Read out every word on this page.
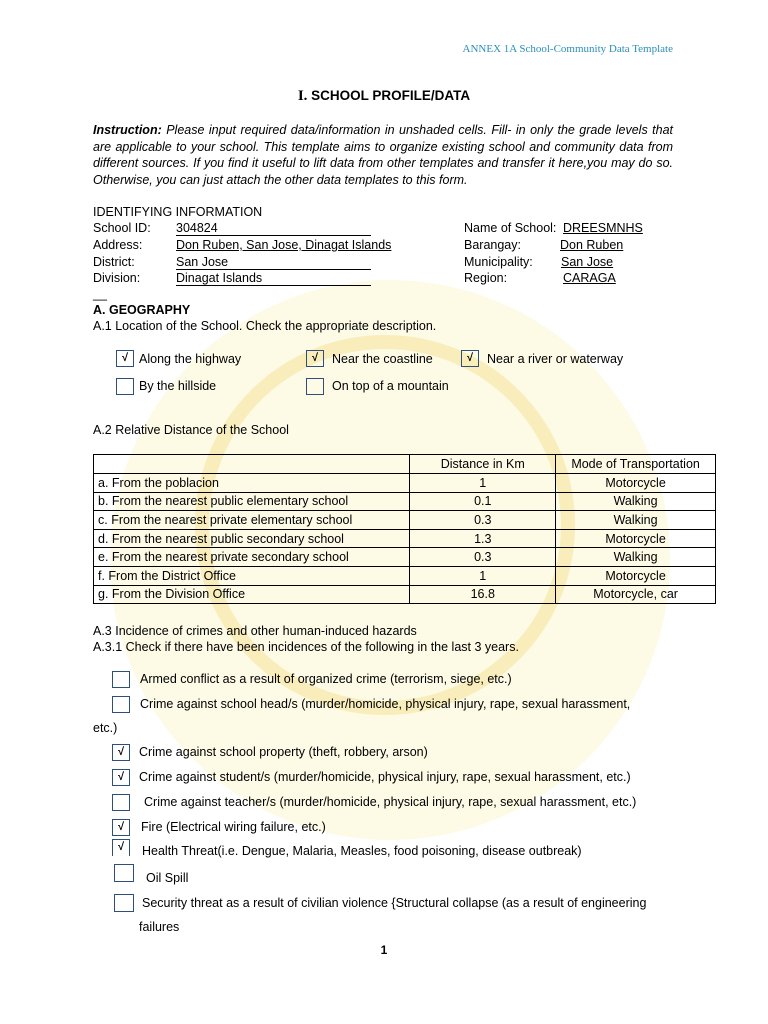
ANNEX 1A School-Community Data Template
I. SCHOOL PROFILE/DATA
Instruction: Please input required data/information in unshaded cells. Fill- in only the grade levels that are applicable to your school. This template aims to organize existing school and community data from different sources. If you find it useful to lift data from other templates and transfer it here,you may do so. Otherwise, you can just attach the other data templates to this form.
IDENTIFYING INFORMATION
School ID: 304824
Address:	Don Ruben, San Jose, Dinagat Islands
District:	San Jose
Division:	Dinagat Islands
Name of School: DREESMNHS
Barangay:	Don Ruben
Municipality: San Jose
Region:	CARAGA
__
A. GEOGRAPHY
A.1 Location of the School. Check the appropriate description.
√ Along the highway	√	Near the coastline	√	Near a river or waterway
By the hillside	On top of a mountain
A.2 Relative Distance of the School
	Distance in Km	Mode of Transportation
a. From the poblacion	1	Motorcycle
b. From the nearest public elementary school	0.1	Walking
c. From the nearest private elementary school	0.3	Walking
d. From the nearest public secondary school	1.3	Motorcycle
e. From the nearest private secondary school	0.3	Walking
f. From the District Office	1	Motorcycle
g. From the Division Office	16.8	Motorcycle, car
A.3 Incidence of crimes and other human-induced hazards
A.3.1 Check if there have been incidences of the following in the last 3 years.
Armed conflict as a result of organized crime (terrorism, siege, etc.)
Crime against school head/s (murder/homicide, physical injury, rape, sexual harassment,
etc.)
√	Crime against school property (theft, robbery, arson)
√	Crime against student/s (murder/homicide, physical injury, rape, sexual harassment, etc.)
Crime against teacher/s (murder/homicide, physical injury, rape, sexual harassment, etc.)
√	Fire (Electrical wiring failure, etc.)
√	Health Threat(i.e. Dengue, Malaria, Measles, food poisoning, disease outbreak)
Oil Spill
Security threat as a result of civilian violence {Structural collapse (as a result of engineering
failures
1
